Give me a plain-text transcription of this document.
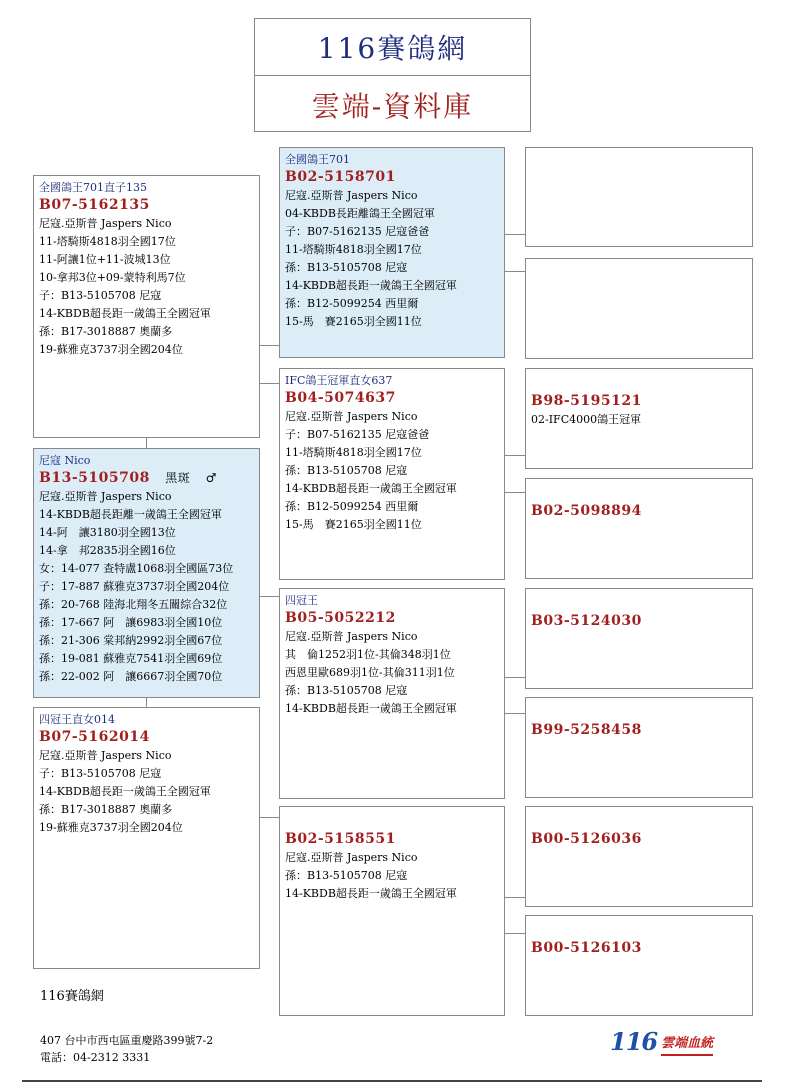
116賽鴿網
雲端-資料庫
全國鴿王701直子135
B07-5162135
尼寇.亞斯普 Jaspers Nico
11-塔騎斯4818羽全國17位
11-阿讓1位+11-波城13位
10-拿邦3位+09-蒙特利馬7位
子：B13-5105708 尼寇
14-KBDB超長距一歲鴿王全國冠軍
孫：B17-3018887 奧蘭多
19-蘇雅克3737羽全國204位
尼寇 Nico
B13-5105708 黑斑 ♂
尼寇.亞斯普 Jaspers Nico
14-KBDB超長距離一歲鴿王全國冠軍
14-阿　讓3180羽全國13位
14-拿　邦2835羽全國16位
女：14-077 查特盧1068羽全國區73位
子：17-887 蘇雅克3737羽全國204位
孫：20-768 陸海北翔冬五關綜合32位
孫：17-667 阿　讓6983羽全國10位
孫：21-306 棠邦納2992羽全國67位
孫：19-081 蘇雅克7541羽全國69位
孫：22-002 阿　讓6667羽全國70位
四冠王直女014
B07-5162014
尼寇.亞斯普 Jaspers Nico
子：B13-5105708 尼寇
14-KBDB超長距一歲鴿王全國冠軍
孫：B17-3018887 奧蘭多
19-蘇雅克3737羽全國204位
全國鴿王701
B02-5158701
尼寇.亞斯普 Jaspers Nico
04-KBDB長距離鴿王全國冠軍
子：B07-5162135 尼寇爸爸
11-塔騎斯4818羽全國17位
孫：B13-5105708 尼寇
14-KBDB超長距一歲鴿王全國冠軍
孫：B12-5099254 西里爾
15-馬　賽2165羽全國11位
IFC鴿王冠軍直女637
B04-5074637
尼寇.亞斯普 Jaspers Nico
子：B07-5162135 尼寇爸爸
11-塔騎斯4818羽全國17位
孫：B13-5105708 尼寇
14-KBDB超長距一歲鴿王全國冠軍
孫：B12-5099254 西里爾
15-馬　賽2165羽全國11位
四冠王
B05-5052212
尼寇.亞斯普 Jaspers Nico
其　倫1252羽1位-其倫348羽1位
西恩里歐689羽1位-其倫311羽1位
孫：B13-5105708 尼寇
14-KBDB超長距一歲鴿王全國冠軍
B02-5158551
尼寇.亞斯普 Jaspers Nico
孫：B13-5105708 尼寇
14-KBDB超長距一歲鴿王全國冠軍
B98-5195121
02-IFC4000鴿王冠軍
B02-5098894
B03-5124030
B99-5258458
B00-5126036
B00-5126103
116賽鴿網
407 台中市西屯區重慶路399號7-2
電話：04-2312 3331
116 雲端血統
